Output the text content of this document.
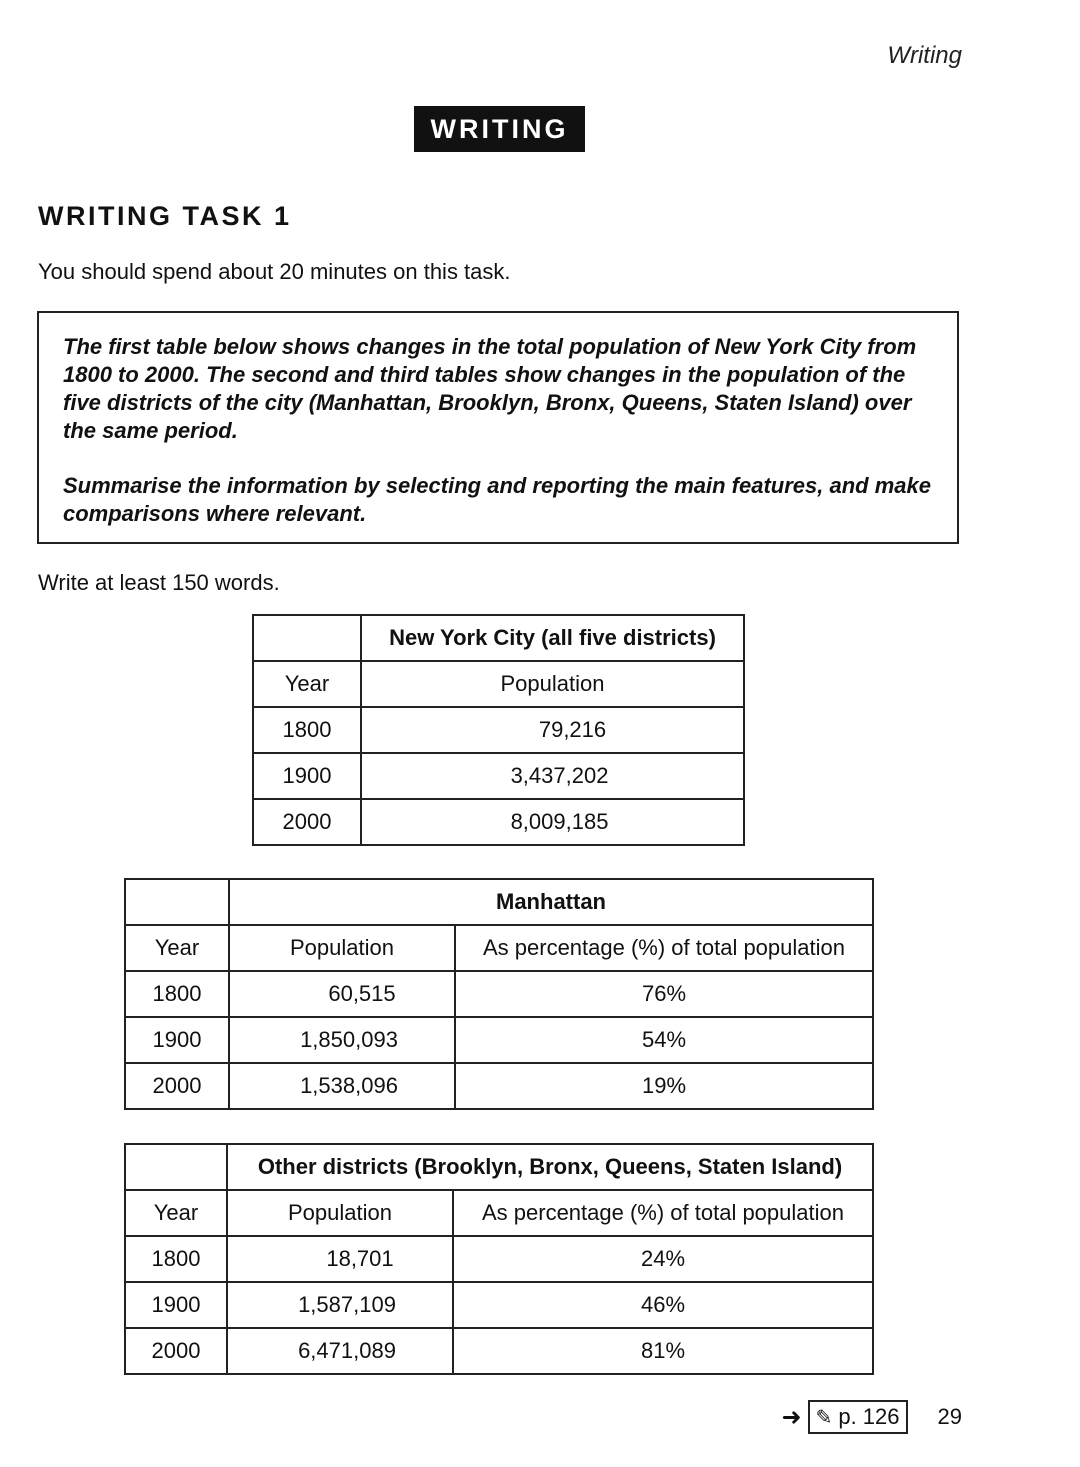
Writing
WRITING
WRITING TASK 1
You should spend about 20 minutes on this task.

The first table below shows changes in the total population of New York City from 1800 to 2000. The second and third tables show changes in the population of the five districts of the city (Manhattan, Brooklyn, Bronx, Queens, Staten Island) over the same period.

Summarise the information by selecting and reporting the main features, and make comparisons where relevant.

Write at least 150 words.
	New York City (all five districts)
Year	Population
1800	79,216
1900	3,437,202
2000	8,009,185
	Manhattan	
Year	Population	As percentage (%) of total population
1800	60,515	76%
1900	1,850,093	54%
2000	1,538,096	19%
	Other districts (Brooklyn, Bronx, Queens, Staten Island)	
Year	Population	As percentage (%) of total population
1800	18,701	24%
1900	1,587,109	46%
2000	6,471,089	81%
➜ ✎ p. 126 29
